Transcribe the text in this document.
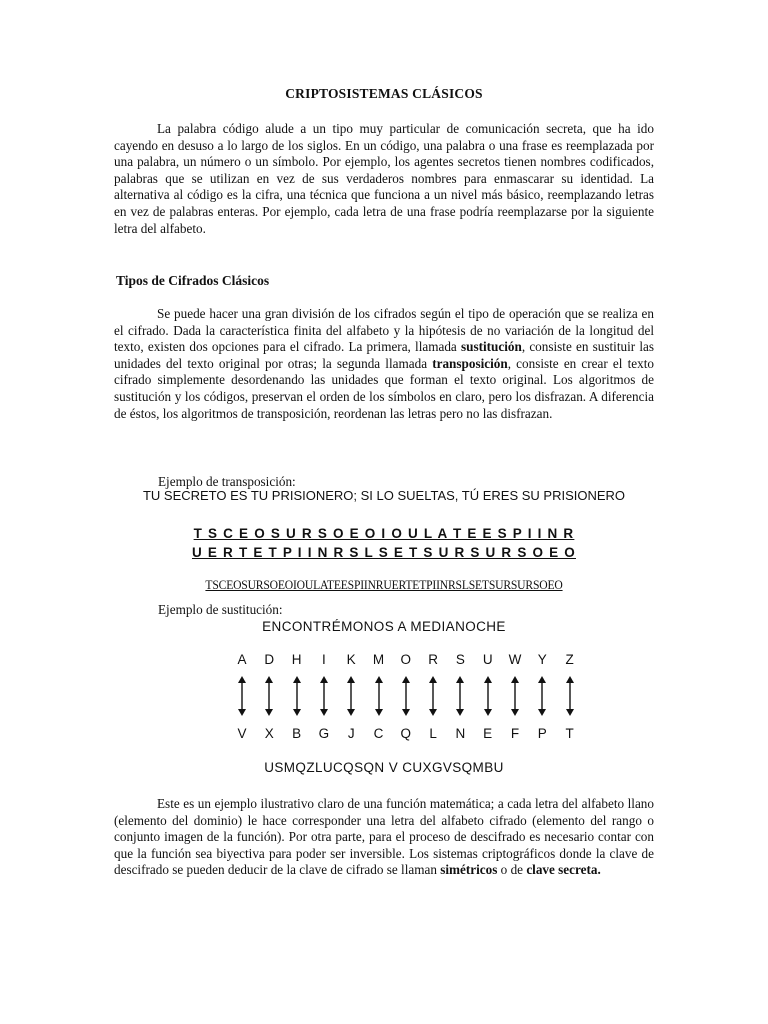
CRIPTOSISTEMAS CLÁSICOS

La palabra código alude a un tipo muy particular de comunicación secreta, que ha ido cayendo en desuso a lo largo de los siglos. En un código, una palabra o una frase es reemplazada por una palabra, un número o un símbolo. Por ejemplo, los agentes secretos tienen nombres codificados, palabras que se utilizan en vez de sus verdaderos nombres para enmascarar su identidad. La alternativa al código es la cifra, una técnica que funciona a un nivel más básico, reemplazando letras en vez de palabras enteras. Por ejemplo, cada letra de una frase podría reemplazarse por la siguiente letra del alfabeto.

Tipos de Cifrados Clásicos

Se puede hacer una gran división de los cifrados según el tipo de operación que se realiza en el cifrado. Dada la característica finita del alfabeto y la hipótesis de no variación de la longitud del texto, existen dos opciones para el cifrado. La primera, llamada sustitución, consiste en sustituir las unidades del texto original por otras; la segunda llamada transposición, consiste en crear el texto cifrado simplemente desordenando las unidades que forman el texto original. Los algoritmos de sustitución y los códigos, preservan el orden de los símbolos en claro, pero los disfrazan. A diferencia de éstos, los algoritmos de transposición, reordenan las letras pero no las disfrazan.

Ejemplo de transposición:
TU SECRETO ES TU PRISIONERO; SI LO SUELTAS, TÚ ERES SU PRISIONERO
T S C E O S U R S O E O I O U L A T E E S P I I N R
U E R T E T P I I N R S L S E T S U R S U R S O E O
TSCEOSURSOEOIOULATEESPIINRUERTETPIINRSLSETSURSURSOEO
Ejemplo de sustitución:
ENCONTRÉMONOS A MEDIANOCHE
A	D	H	I	K	M	O	R	S	U	W	Y	Z
V	X	B	G	J	C	Q	L	N	E	F	P	T
USMQZLUCQSQN V CUXGVSQMBU

Este es un ejemplo ilustrativo claro de una función matemática; a cada letra del alfabeto llano (elemento del dominio) le hace corresponder una letra del alfabeto cifrado (elemento del rango o conjunto imagen de la función). Por otra parte, para el proceso de descifrado es necesario contar con que la función sea biyectiva para poder ser inversible. Los sistemas criptográficos donde la clave de descifrado se pueden deducir de la clave de cifrado se llaman simétricos o de clave secreta.
